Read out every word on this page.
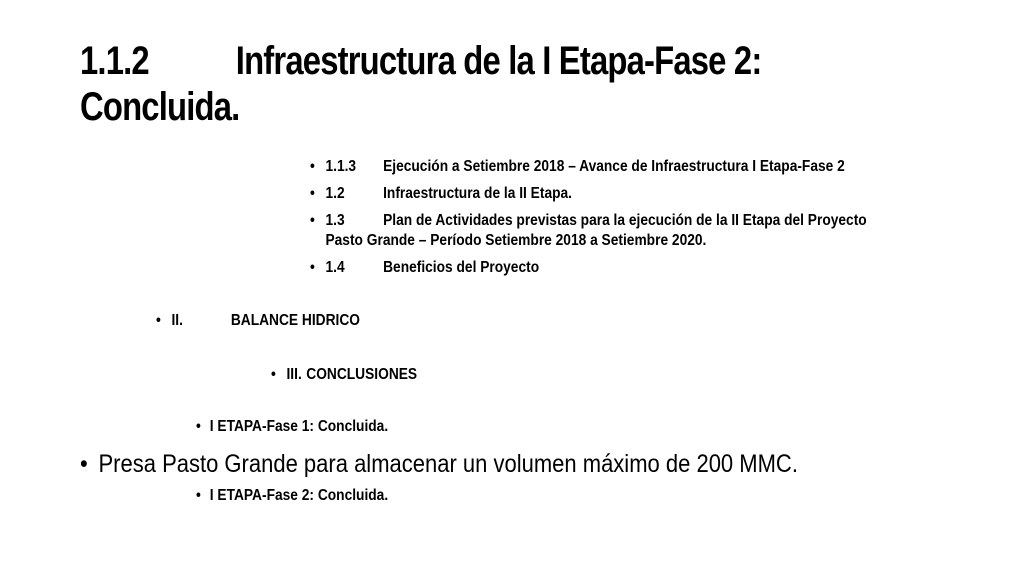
1.1.2 Infraestructura de la I Etapa-Fase 2:
Concluida.
• 1.1.3 Ejecución a Setiembre 2018 – Avance de Infraestructura I Etapa-Fase 2
• 1.2 Infraestructura de la II Etapa.
• 1.3 Plan de Actividades previstas para la ejecución de la II Etapa del Proyecto
Pasto Grande – Período Setiembre 2018 a Setiembre 2020.
• 1.4 Beneficios del Proyecto
• II.	BALANCE HIDRICO
• III. CONCLUSIONES
• I ETAPA-Fase 1: Concluida.
• Presa Pasto Grande para almacenar un volumen máximo de 200 MMC.
• I ETAPA-Fase 2: Concluida.
